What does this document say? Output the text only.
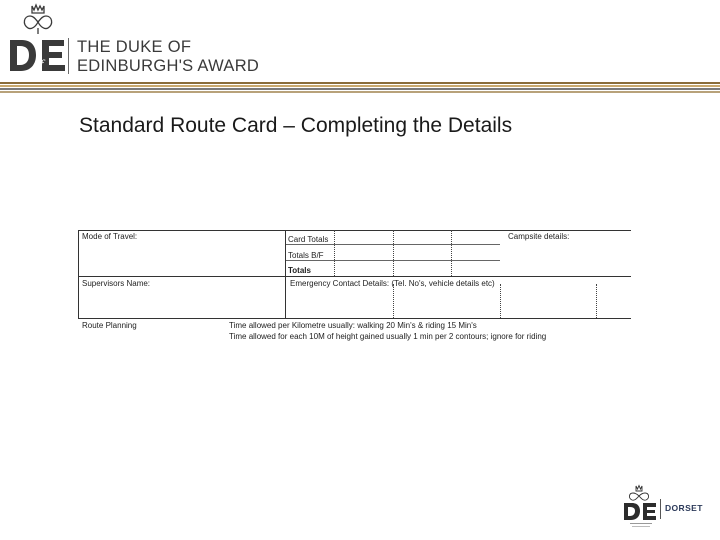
of
THE DUKE OF
EDINBURGH'S AWARD
Standard Route Card – Completing the Details
Mode of Travel:	Card Totals
Totals B/F
Totals
Campsite details:
Supervisors Name:	Emergency Contact Details: (Tel. No's, vehicle details etc)
Route Planning	Time allowed per Kilometre usually: walking 20 Min's & riding 15 Min's
Time allowed for each 10M of height gained usually 1 min per 2 contours; ignore for riding
DORSET
